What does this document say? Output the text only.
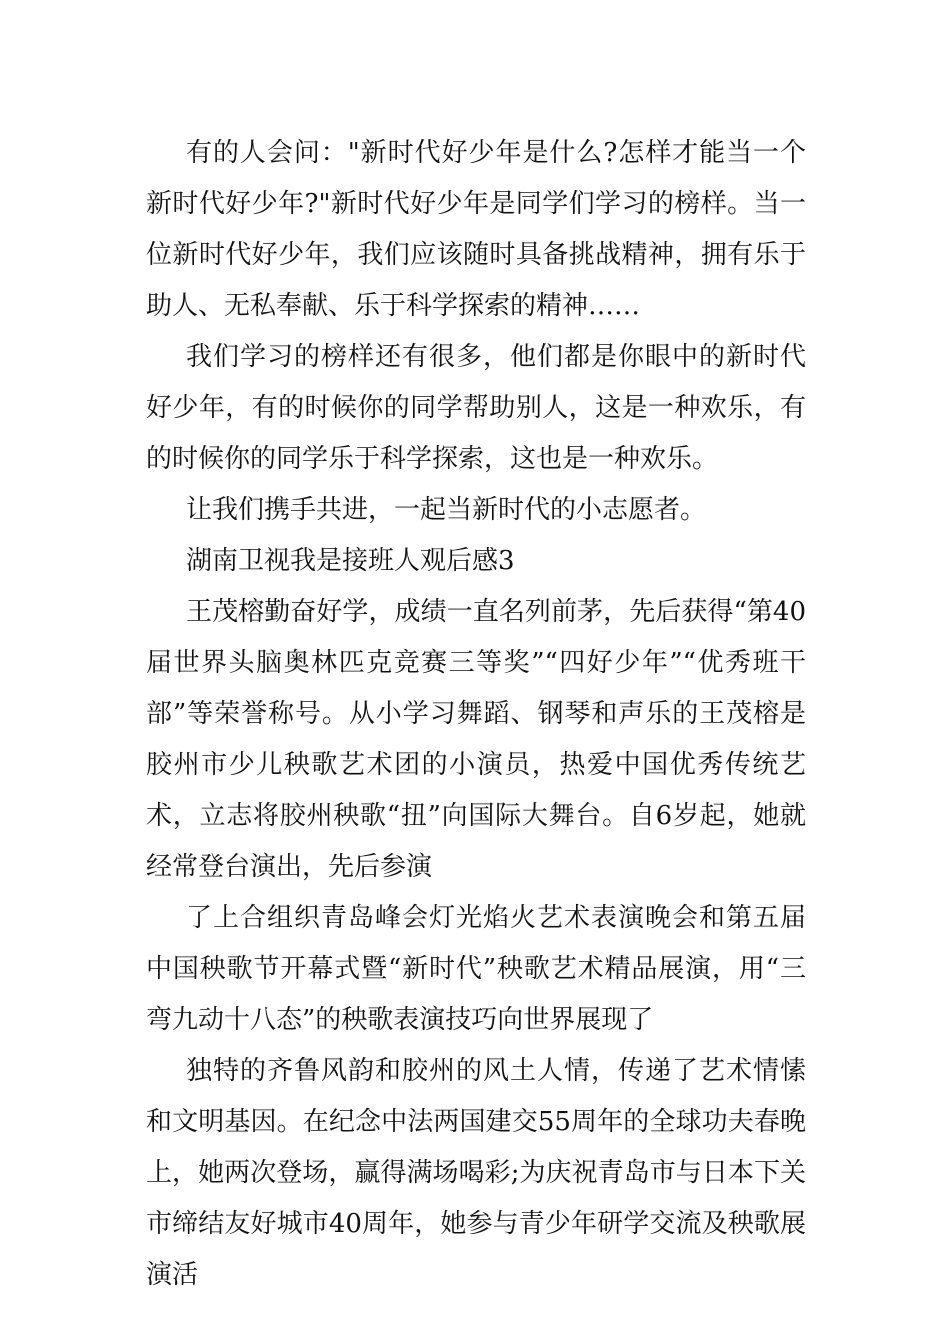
有的人会问："新时代好少年是什么?怎样才能当一个新时代好少年?"新时代好少年是同学们学习的榜样。当一位新时代好少年，我们应该随时具备挑战精神，拥有乐于助人、无私奉献、乐于科学探索的精神……

我们学习的榜样还有很多，他们都是你眼中的新时代好少年，有的时候你的同学帮助别人，这是一种欢乐，有的时候你的同学乐于科学探索，这也是一种欢乐。

让我们携手共进，一起当新时代的小志愿者。

湖南卫视我是接班人观后感3

王茂榕勤奋好学，成绩一直名列前茅，先后获得“第40届世界头脑奥林匹克竞赛三等奖”“四好少年”“优秀班干部”等荣誉称号。从小学习舞蹈、钢琴和声乐的王茂榕是胶州市少儿秧歌艺术团的小演员，热爱中国优秀传统艺术，立志将胶州秧歌“扭”向国际大舞台。自6岁起，她就经常登台演出，先后参演

了上合组织青岛峰会灯光焰火艺术表演晚会和第五届中国秧歌节开幕式暨“新时代”秧歌艺术精品展演，用“三弯九动十八态”的秧歌表演技巧向世界展现了

独特的齐鲁风韵和胶州的风土人情，传递了艺术情愫和文明基因。在纪念中法两国建交55周年的全球功夫春晚上，她两次登场，赢得满场喝彩;为庆祝青岛市与日本下关市缔结友好城市40周年，她参与青少年研学交流及秧歌展演活
